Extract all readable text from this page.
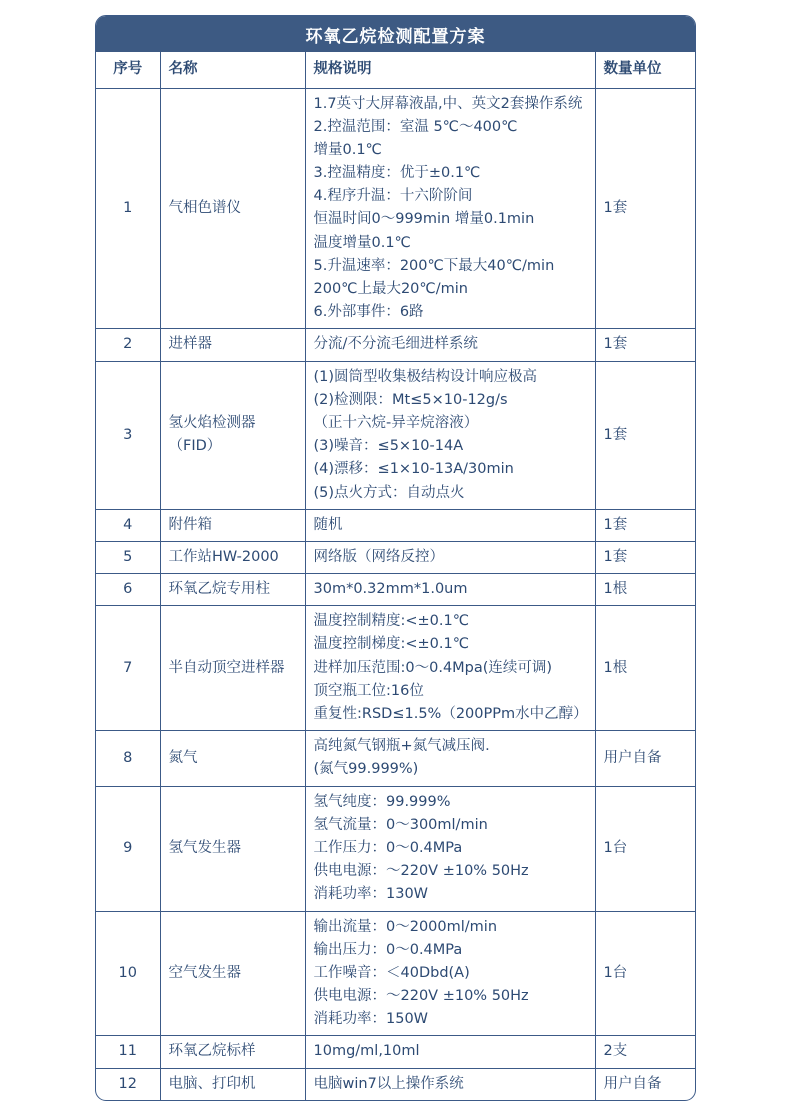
环氧乙烷检测配置方案
序号	名称	规格说明	数量单位
1	气相色谱仪	
1.7英寸大屏幕液晶,中、英文2套操作系统
2.控温范围：室温 5℃～400℃
增量0.1℃
3.控温精度：优于±0.1℃
4.程序升温：十六阶阶间
恒温时间0～999min 增量0.1min
温度增量0.1℃
5.升温速率：200℃下最大40℃/min
200℃上最大20℃/min
6.外部事件：6路
	1套
2	进样器	分流/不分流毛细进样系统	1套
3	氢火焰检测器（FID）	
(1)圆筒型收集极结构设计响应极高
(2)检测限：Mt≤5×10-12g/s
（正十六烷-异辛烷溶液）
(3)噪音：≤5×10-14A
(4)漂移：≤1×10-13A/30min
(5)点火方式：自动点火
	1套
4	附件箱	随机	1套
5	工作站HW-2000	网络版（网络反控）	1套
6	环氧乙烷专用柱	30m*0.32mm*1.0um	1根
7	半自动顶空进样器	温度控制精度:<±0.1℃
温度控制梯度:<±0.1℃
进样加压范围:0～0.4Mpa(连续可调)
顶空瓶工位:16位
重复性:RSD≤1.5%（200PPm水中乙醇）	1根
8	氮气	高纯氮气钢瓶+氮气减压阀.
(氮气99.999%)	用户自备
9	氢气发生器	氢气纯度：99.999%
氢气流量：0～300ml/min
工作压力：0～0.4MPa
供电电源：～220V ±10% 50Hz
消耗功率：130W	1台
10	空气发生器	输出流量：0～2000ml/min
输出压力：0～0.4MPa
工作噪音：＜40Dbd(A)
供电电源：～220V ±10% 50Hz
消耗功率：150W	1台
11	环氧乙烷标样	10mg/ml,10ml	2支
12	电脑、打印机	电脑win7以上操作系统	用户自备
